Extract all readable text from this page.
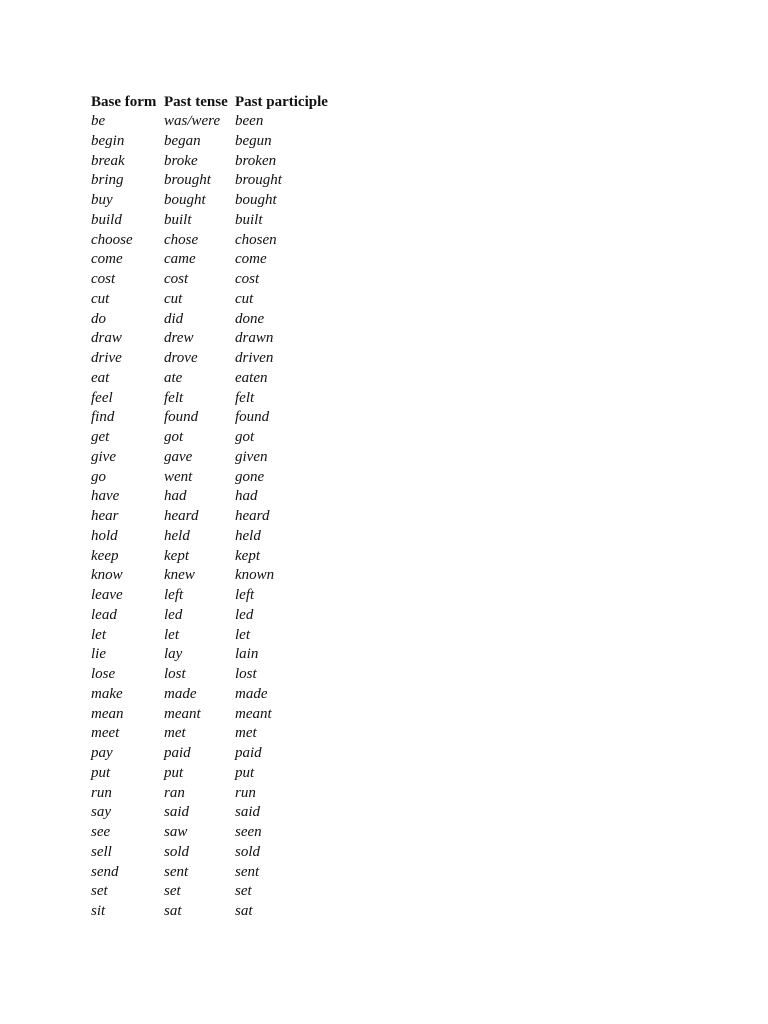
Base form	Past tense	Past participle
be	was/were	been
begin	began	begun
break	broke	broken
bring	brought	brought
buy	bought	bought
build	built	built
choose	chose	chosen
come	came	come
cost	cost	cost
cut	cut	cut
do	did	done
draw	drew	drawn
drive	drove	driven
eat	ate	eaten
feel	felt	felt
find	found	found
get	got	got
give	gave	given
go	went	gone
have	had	had
hear	heard	heard
hold	held	held
keep	kept	kept
know	knew	known
leave	left	left
lead	led	led
let	let	let
lie	lay	lain
lose	lost	lost
make	made	made
mean	meant	meant
meet	met	met
pay	paid	paid
put	put	put
run	ran	run
say	said	said
see	saw	seen
sell	sold	sold
send	sent	sent
set	set	set
sit	sat	sat
